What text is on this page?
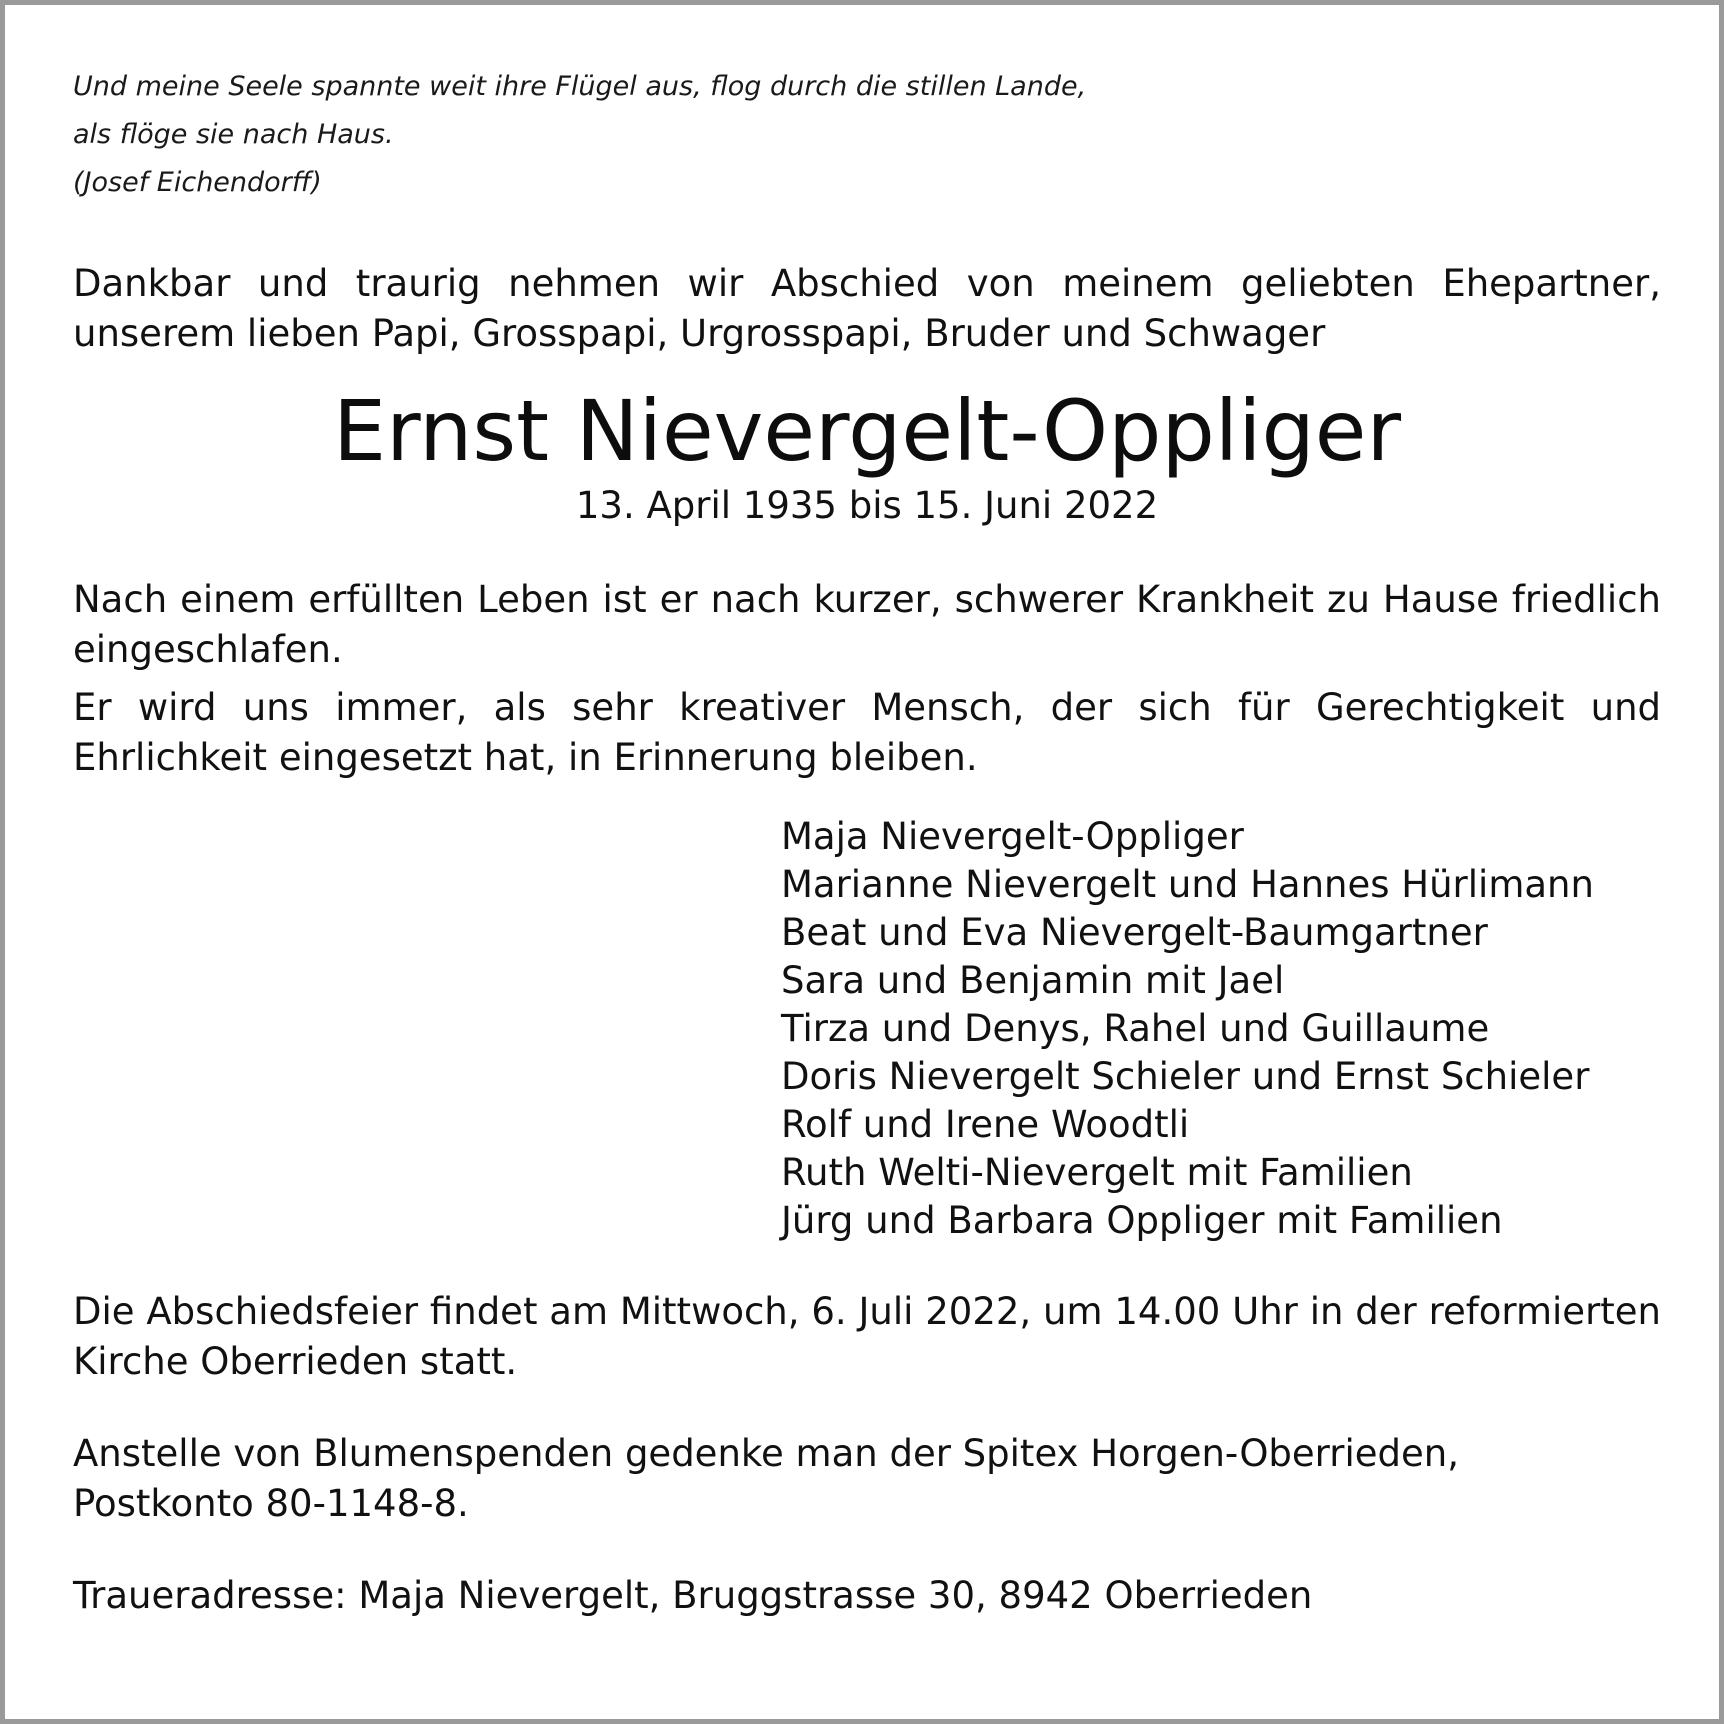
Und meine Seele spannte weit ihre Flügel aus, flog durch die stillen Lande,
als flöge sie nach Haus.
(Josef Eichendorff)
Dankbar und traurig nehmen wir Abschied von meinem geliebten Ehepartner, unserem lieben Papi, Grosspapi, Urgrosspapi, Bruder und Schwager
Ernst Nievergelt-Oppliger
13. April 1935 bis 15. Juni 2022
Nach einem erfüllten Leben ist er nach kurzer, schwerer Krankheit zu Hause friedlich eingeschlafen.
Er wird uns immer, als sehr kreativer Mensch, der sich für Gerechtigkeit und Ehrlichkeit eingesetzt hat, in Erinnerung bleiben.
Maja Nievergelt-Oppliger
Marianne Nievergelt und Hannes Hürlimann
Beat und Eva Nievergelt-Baumgartner
Sara und Benjamin mit Jael
Tirza und Denys, Rahel und Guillaume
Doris Nievergelt Schieler und Ernst Schieler
Rolf und Irene Woodtli
Ruth Welti-Nievergelt mit Familien
Jürg und Barbara Oppliger mit Familien
Die Abschiedsfeier findet am Mittwoch, 6. Juli 2022, um 14.00 Uhr in der reformierten Kirche Oberrieden statt.
Anstelle von Blumenspenden gedenke man der Spitex Horgen-Oberrieden,
Postkonto 80-1148-8.
Traueradresse: Maja Nievergelt, Bruggstrasse 30, 8942 Oberrieden
